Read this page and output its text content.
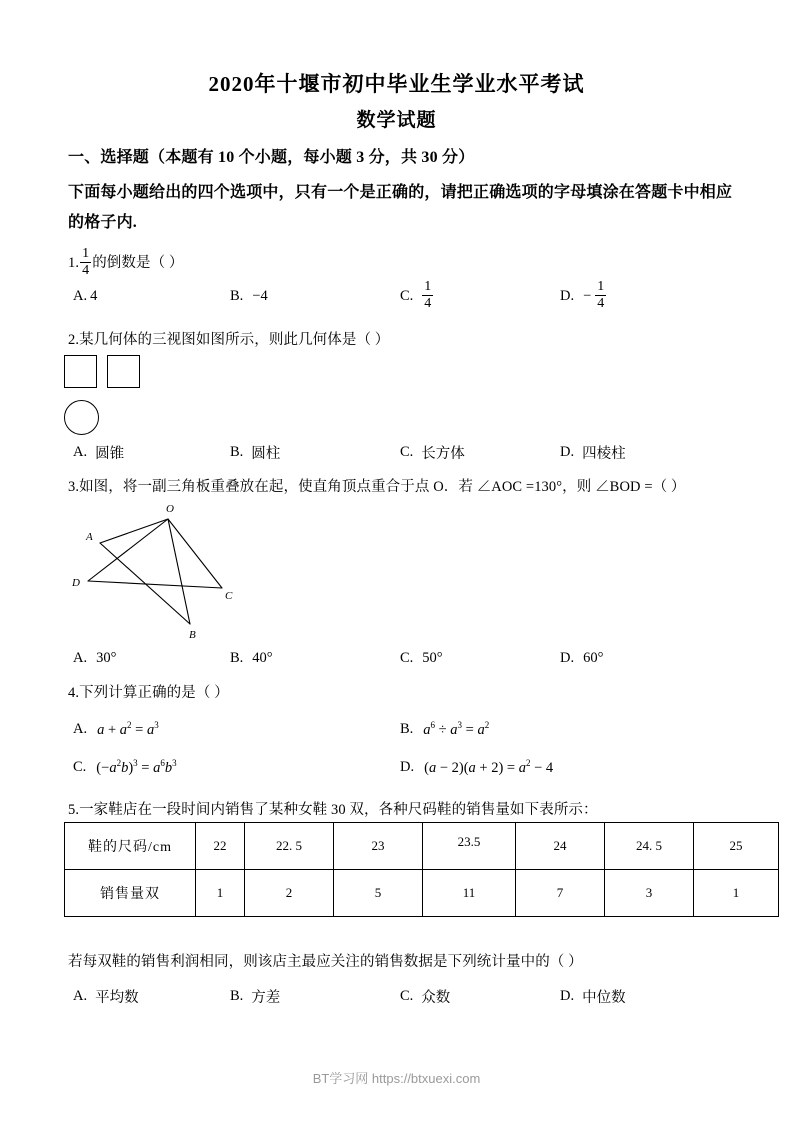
2020年十堰市初中毕业生学业水平考试
数学试题
一、选择题（本题有 10 个小题，每小题 3 分，共 30 分）
下面每小题给出的四个选项中，只有一个是正确的，请把正确选项的字母填涂在答题卡中相应的格子内.
1. $\frac{1}{4}$ 的倒数是（ ）
A. 4	B. −4	C. $\frac{1}{4}$	D. − $\frac{1}{4}$
2.某几何体的三视图如图所示，则此几何体是（ ）
A. 圆锥	B. 圆柱	C. 长方体	D. 四棱柱
3.如图，将一副三角板重叠放在起，使直角顶点重合于点 O．若 ∠AOC =130°，则 ∠BOD =（ ）
O
A
D
C
B
A. 30°	B. 40°	C. 50°	D. 60°
4.下列计算正确的是（ ）
A. $a + a^2 = a^3$	B. $a^6 \div a^3 = a^2$
C. $(-a^2b)^3 = a^6b^3$	D. $(a - 2)(a + 2) = a^2 - 4$
5.一家鞋店在一段时间内销售了某种女鞋 30 双，各种尺码鞋的销售量如下表所示：
鞋的尺码/cm	22	22. 5	23	23.5	24	24. 5	25
销售量双	1	2	5	11	7	3	1
若每双鞋的销售利润相同，则该店主最应关注的销售数据是下列统计量中的（ ）
A. 平均数	B. 方差	C. 众数	D. 中位数
BT学习网 https://btxuexi.com
